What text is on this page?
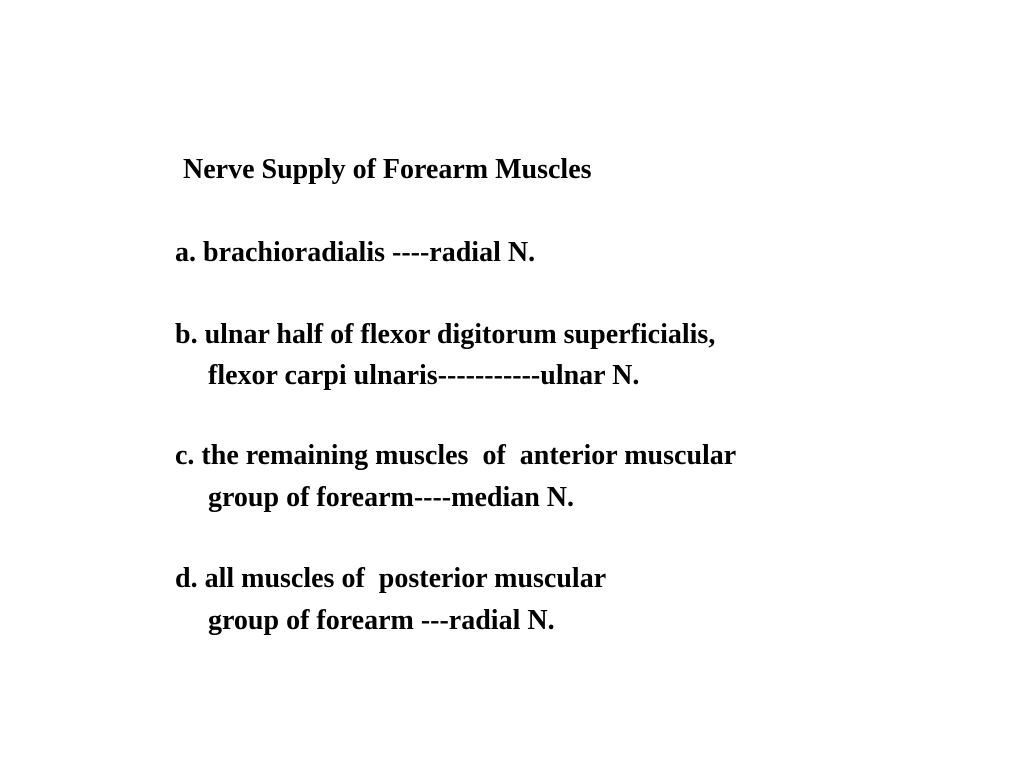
Nerve Supply of Forearm Muscles
a. brachioradialis ----radial N.
b. ulnar half of flexor digitorum superficialis,
flexor carpi ulnaris-----------ulnar N.
c. the remaining muscles  of  anterior muscular
group of forearm----median N.
d. all muscles of  posterior muscular
group of forearm ---radial N.
